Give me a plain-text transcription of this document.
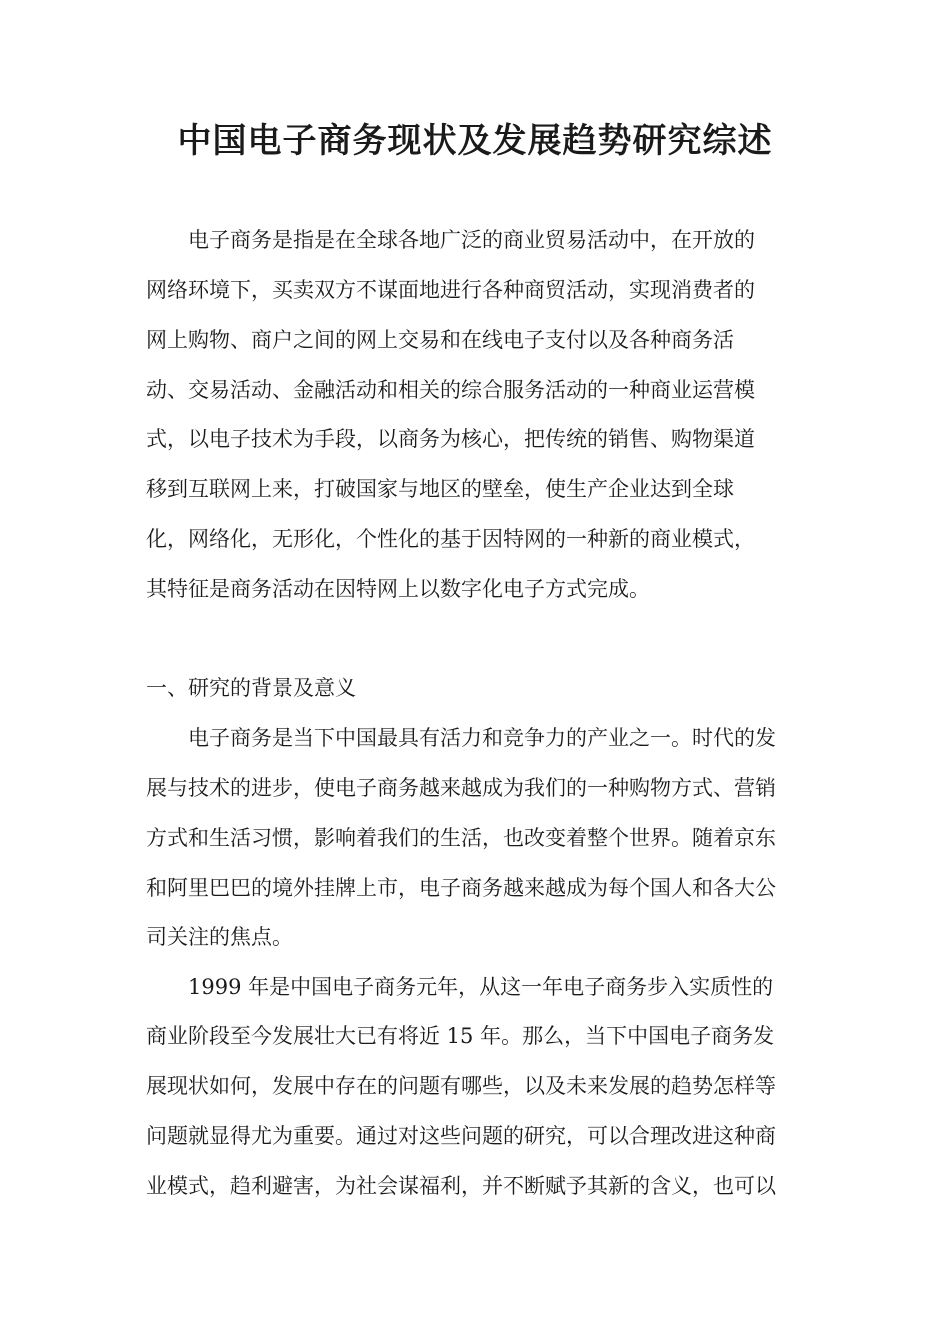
中国电子商务现状及发展趋势研究综述

电子商务是指是在全球各地广泛的商业贸易活动中，在开放的

网络环境下，买卖双方不谋面地进行各种商贸活动，实现消费者的

网上购物、商户之间的网上交易和在线电子支付以及各种商务活

动、交易活动、金融活动和相关的综合服务活动的一种商业运营模

式，以电子技术为手段，以商务为核心，把传统的销售、购物渠道

移到互联网上来，打破国家与地区的壁垒，使生产企业达到全球

化，网络化，无形化，个性化的基于因特网的一种新的商业模式，

其特征是商务活动在因特网上以数字化电子方式完成。

一、研究的背景及意义

电子商务是当下中国最具有活力和竞争力的产业之一。时代的发

展与技术的进步，使电子商务越来越成为我们的一种购物方式、营销

方式和生活习惯，影响着我们的生活，也改变着整个世界。随着京东

和阿里巴巴的境外挂牌上市，电子商务越来越成为每个国人和各大公

司关注的焦点。

1999 年是中国电子商务元年，从这一年电子商务步入实质性的

商业阶段至今发展壮大已有将近 15 年。那么，当下中国电子商务发

展现状如何，发展中存在的问题有哪些，以及未来发展的趋势怎样等

问题就显得尤为重要。通过对这些问题的研究，可以合理改进这种商

业模式，趋利避害，为社会谋福利，并不断赋予其新的含义，也可以
